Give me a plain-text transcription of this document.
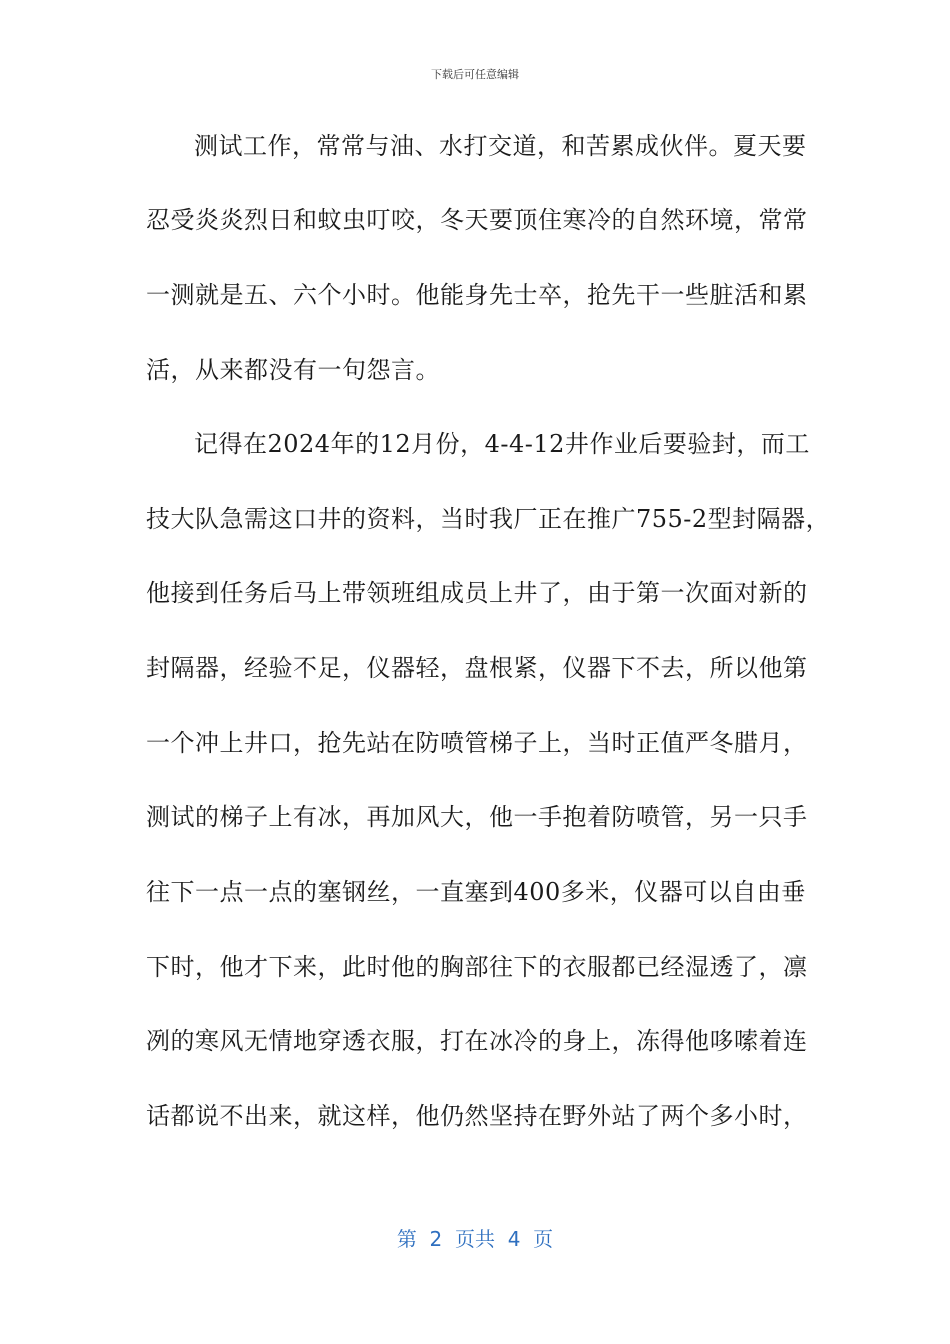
下载后可任意编辑
测试工作，常常与油、水打交道，和苦累成伙伴。夏天要
忍受炎炎烈日和蚊虫叮咬，冬天要顶住寒冷的自然环境，常常
一测就是五、六个小时。他能身先士卒，抢先干一些脏活和累
活，从来都没有一句怨言。
记得在2024年的12月份，4-4-12井作业后要验封，而工
技大队急需这口井的资料，当时我厂正在推广755-2型封隔器，
他接到任务后马上带领班组成员上井了，由于第一次面对新的
封隔器，经验不足，仪器轻，盘根紧，仪器下不去，所以他第
一个冲上井口，抢先站在防喷管梯子上，当时正值严冬腊月，
测试的梯子上有冰，再加风大，他一手抱着防喷管，另一只手
往下一点一点的塞钢丝，一直塞到400多米，仪器可以自由垂
下时，他才下来，此时他的胸部往下的衣服都已经湿透了，凛
冽的寒风无情地穿透衣服，打在冰冷的身上，冻得他哆嗦着连
话都说不出来，就这样，他仍然坚持在野外站了两个多小时，
第  2  页共  4  页
